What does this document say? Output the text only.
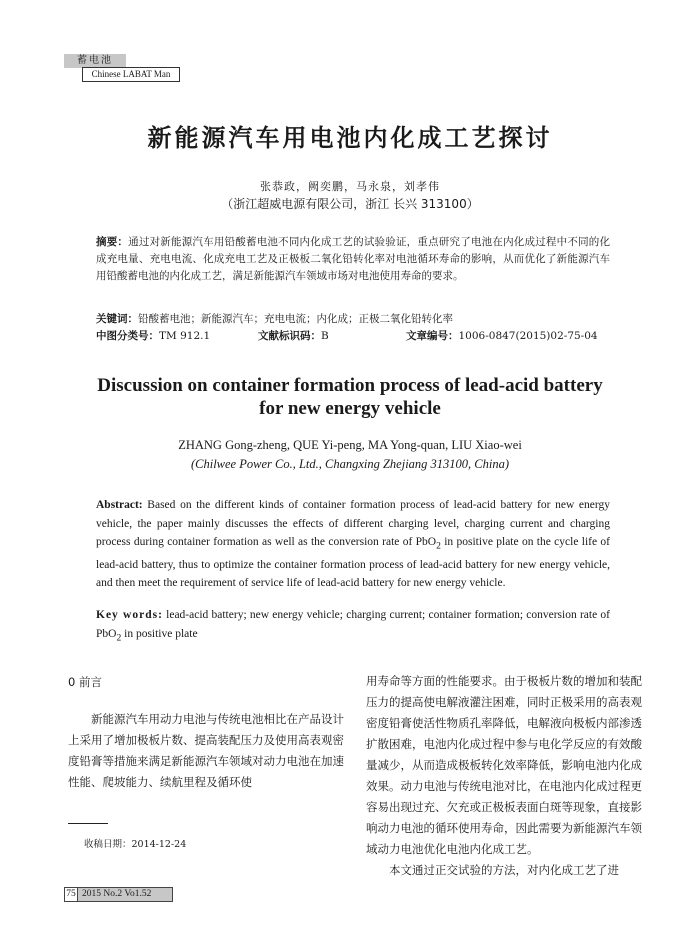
蓄电池
Chinese LABAT Man
新能源汽车用电池内化成工艺探讨
张恭政，阙奕鹏，马永泉，刘孝伟
（浙江超威电源有限公司，浙江 长兴 313100）
摘要：通过对新能源汽车用铅酸蓄电池不同内化成工艺的试验验证，重点研究了电池在内化成过程中不同的化成充电量、充电电流、化成充电工艺及正极板二氧化铅转化率对电池循环寿命的影响，从而优化了新能源汽车用铅酸蓄电池的内化成工艺，满足新能源汽车领域市场对电池使用寿命的要求。
关键词：铅酸蓄电池；新能源汽车；充电电流；内化成；正极二氧化铅转化率
中图分类号：TM 912.1	文献标识码：B	文章编号：1006-0847(2015)02-75-04
Discussion on container formation process of lead-acid battery
for new energy vehicle
ZHANG Gong-zheng, QUE Yi-peng, MA Yong-quan, LIU Xiao-wei
(Chilwee Power Co., Ltd., Changxing Zhejiang 313100, China)
Abstract: Based on the different kinds of container formation process of lead-acid battery for new energy vehicle, the paper mainly discusses the effects of different charging level, charging current and charging process during container formation as well as the conversion rate of PbO$_2$ in positive plate on the cycle life of lead-acid battery, thus to optimize the container formation process of lead-acid battery for new energy vehicle, and then meet the requirement of service life of lead-acid battery for new energy vehicle.
Key words: lead-acid battery; new energy vehicle; charging current; container formation; conversion rate of PbO$_2$ in positive plate
0 前言
新能源汽车用动力电池与传统电池相比在产品设计上采用了增加极板片数、提高装配压力及使用高表观密度铅膏等措施来满足新能源汽车领域对动力电池在加速性能、爬坡能力、续航里程及循环使

用寿命等方面的性能要求。由于极板片数的增加和装配压力的提高使电解液灌注困难，同时正极采用的高表观密度铅膏使活性物质孔率降低，电解液向极板内部渗透扩散困难，电池内化成过程中参与电化学反应的有效酸量减少，从而造成极板转化效率降低，影响电池内化成效果。动力电池与传统电池对比，在电池内化成过程更容易出现过充、欠充或正极板表面白斑等现象，直接影响动力电池的循环使用寿命，因此需要为新能源汽车领域动力电池优化电池内化成工艺。

本文通过正交试验的方法，对内化成工艺了进

收稿日期：2014-12-24
75 2015 No.2 Vo1.52
